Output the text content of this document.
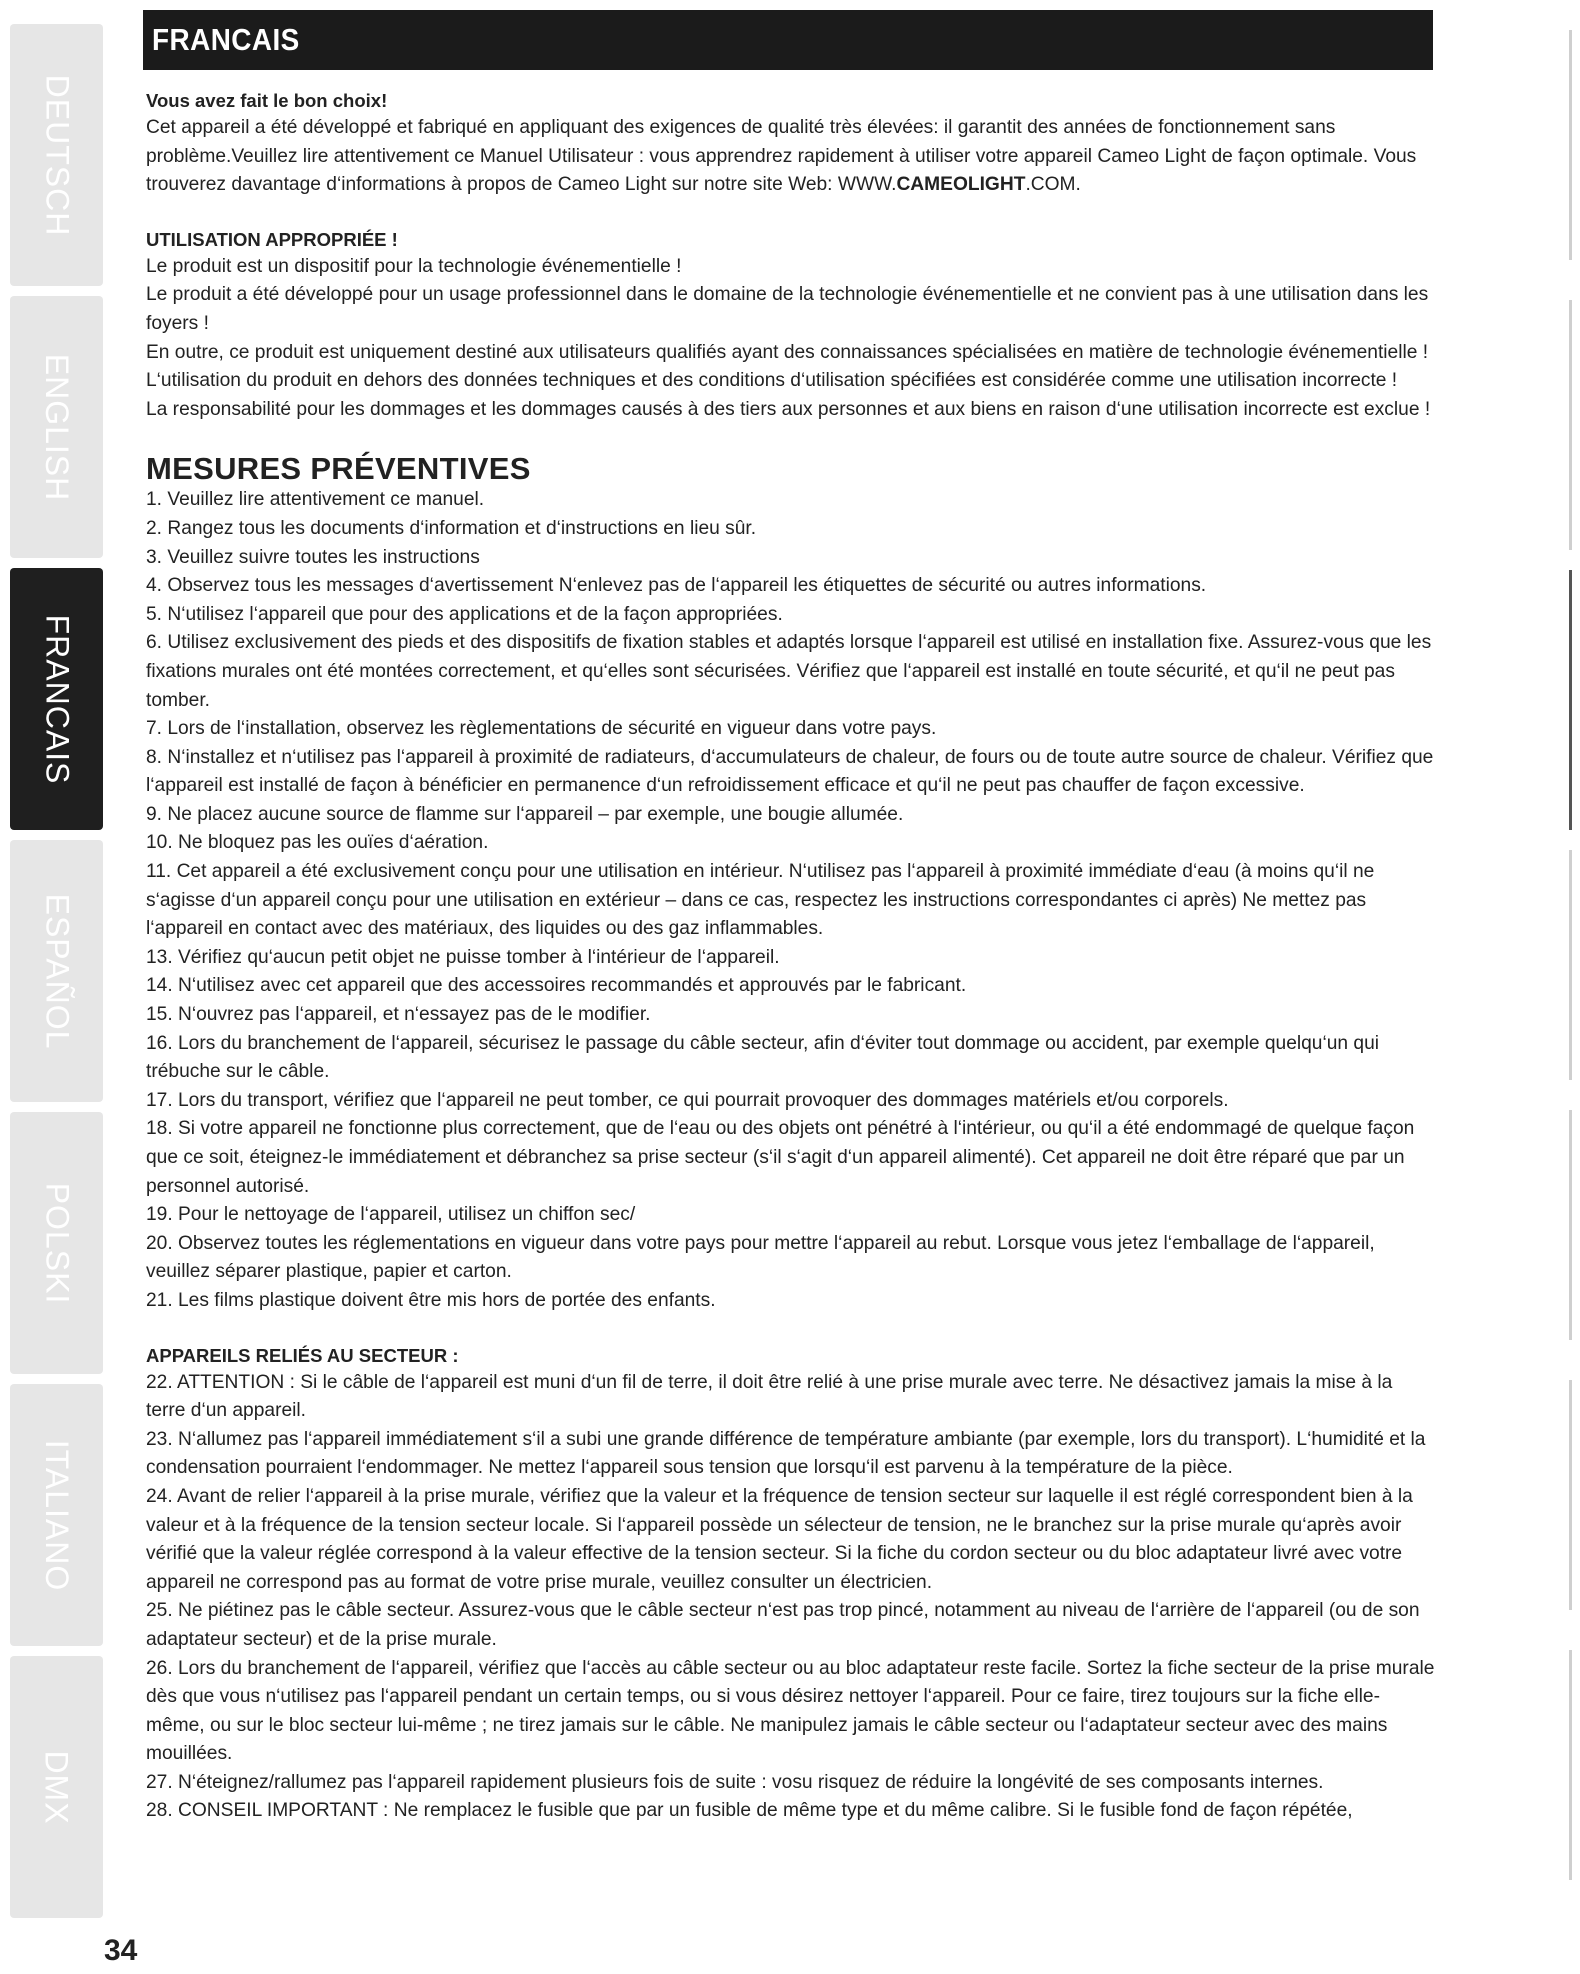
DEUTSCH
ENGLISH
FRANCAIS
ESPAÑOL
POLSKI
ITALIANO
DMX
FRANCAIS

Vous avez fait le bon choix!

Cet appareil a été développé et fabriqué en appliquant des exigences de qualité très élevées: il garantit des années de fonctionnement sans problème.Veuillez lire attentivement ce Manuel Utilisateur : vous apprendrez rapidement à utiliser votre appareil Cameo Light de façon optimale. Vous trouverez davantage d‘informations à propos de Cameo Light sur notre site Web: WWW.CAMEOLIGHT.COM.

UTILISATION APPROPRIÉE !

Le produit est un dispositif pour la technologie événementielle !

Le produit a été développé pour un usage professionnel dans le domaine de la technologie événementielle et ne convient pas à une utilisation dans les foyers !

En outre, ce produit est uniquement destiné aux utilisateurs qualifiés ayant des connaissances spécialisées en matière de technologie événementielle !

L‘utilisation du produit en dehors des données techniques et des conditions d‘utilisation spécifiées est considérée comme une utilisation incorrecte !

La responsabilité pour les dommages et les dommages causés à des tiers aux personnes et aux biens en raison d‘une utilisation incorrecte est exclue !

MESURES PRÉVENTIVES

1. Veuillez lire attentivement ce manuel.

2. Rangez tous les documents d‘information et d‘instructions en lieu sûr.

3. Veuillez suivre toutes les instructions

4. Observez tous les messages d‘avertissement N‘enlevez pas de l‘appareil les étiquettes de sécurité ou autres informations.

5. N‘utilisez l‘appareil que pour des applications et de la façon appropriées.

6. Utilisez exclusivement des pieds et des dispositifs de fixation stables et adaptés lorsque l‘appareil est utilisé en installation fixe. Assurez-vous que les fixations murales ont été montées correctement, et qu‘elles sont sécurisées. Vérifiez que l‘appareil est installé en toute sécurité, et qu‘il ne peut pas tomber.

7. Lors de l‘installation, observez les règlementations de sécurité en vigueur dans votre pays.

8. N‘installez et n‘utilisez pas l‘appareil à proximité de radiateurs, d‘accumulateurs de chaleur, de fours ou de toute autre source de chaleur. Vérifiez que l‘appareil est installé de façon à bénéficier en permanence d‘un refroidissement efficace et qu‘il ne peut pas chauffer de façon excessive.

9. Ne placez aucune source de flamme sur l‘appareil – par exemple, une bougie allumée.

10. Ne bloquez pas les ouïes d‘aération.

11. Cet appareil a été exclusivement conçu pour une utilisation en intérieur. N‘utilisez pas l‘appareil à proximité immédiate d‘eau (à moins qu‘il ne s‘agisse d‘un appareil conçu pour une utilisation en extérieur – dans ce cas, respectez les instructions correspondantes ci après) Ne mettez pas l‘appareil en contact avec des matériaux, des liquides ou des gaz inflammables.

13. Vérifiez qu‘aucun petit objet ne puisse tomber à l‘intérieur de l‘appareil.

14. N‘utilisez avec cet appareil que des accessoires recommandés et approuvés par le fabricant.

15. N‘ouvrez pas l‘appareil, et n‘essayez pas de le modifier.

16. Lors du branchement de l‘appareil, sécurisez le passage du câble secteur, afin d‘éviter tout dommage ou accident, par exemple quelqu‘un qui trébuche sur le câble.

17. Lors du transport, vérifiez que l‘appareil ne peut tomber, ce qui pourrait provoquer des dommages matériels et/ou corporels.

18. Si votre appareil ne fonctionne plus correctement, que de l‘eau ou des objets ont pénétré à l‘intérieur, ou qu‘il a été endommagé de quelque façon que ce soit, éteignez-le immédiatement et débranchez sa prise secteur (s‘il s‘agit d‘un appareil alimenté). Cet appareil ne doit être réparé que par un personnel autorisé.

19. Pour le nettoyage de l‘appareil, utilisez un chiffon sec/

20. Observez toutes les réglementations en vigueur dans votre pays pour mettre l‘appareil au rebut. Lorsque vous jetez l‘emballage de l‘appareil, veuillez séparer plastique, papier et carton.

21. Les films plastique doivent être mis hors de portée des enfants.

APPAREILS RELIÉS AU SECTEUR :

22. ATTENTION : Si le câble de l‘appareil est muni d‘un fil de terre, il doit être relié à une prise murale avec terre. Ne désactivez jamais la mise à la terre d‘un appareil.

23. N‘allumez pas l‘appareil immédiatement s‘il a subi une grande différence de température ambiante (par exemple, lors du transport). L‘humidité et la condensation pourraient l‘endommager. Ne mettez l‘appareil sous tension que lorsqu‘il est parvenu à la température de la pièce.

24. Avant de relier l‘appareil à la prise murale, vérifiez que la valeur et la fréquence de tension secteur sur laquelle il est réglé correspondent bien à la valeur et à la fréquence de la tension secteur locale. Si l‘appareil possède un sélecteur de tension, ne le branchez sur la prise murale qu‘après avoir vérifié que la valeur réglée correspond à la valeur effective de la tension secteur. Si la fiche du cordon secteur ou du bloc adaptateur livré avec votre appareil ne correspond pas au format de votre prise murale, veuillez consulter un électricien.

25. Ne piétinez pas le câble secteur. Assurez-vous que le câble secteur n‘est pas trop pincé, notamment au niveau de l‘arrière de l‘appareil (ou de son adaptateur secteur) et de la prise murale.

26. Lors du branchement de l‘appareil, vérifiez que l‘accès au câble secteur ou au bloc adaptateur reste facile. Sortez la fiche secteur de la prise murale dès que vous n‘utilisez pas l‘appareil pendant un certain temps, ou si vous désirez nettoyer l‘appareil. Pour ce faire, tirez toujours sur la fiche elle-même, ou sur le bloc secteur lui-même ; ne tirez jamais sur le câble. Ne manipulez jamais le câble secteur ou l‘adaptateur secteur avec des mains mouillées.

27. N‘éteignez/rallumez pas l‘appareil rapidement plusieurs fois de suite : vosu risquez de réduire la longévité de ses composants internes.

28. CONSEIL IMPORTANT : Ne remplacez le fusible que par un fusible de même type et du même calibre. Si le fusible fond de façon répétée,

34
